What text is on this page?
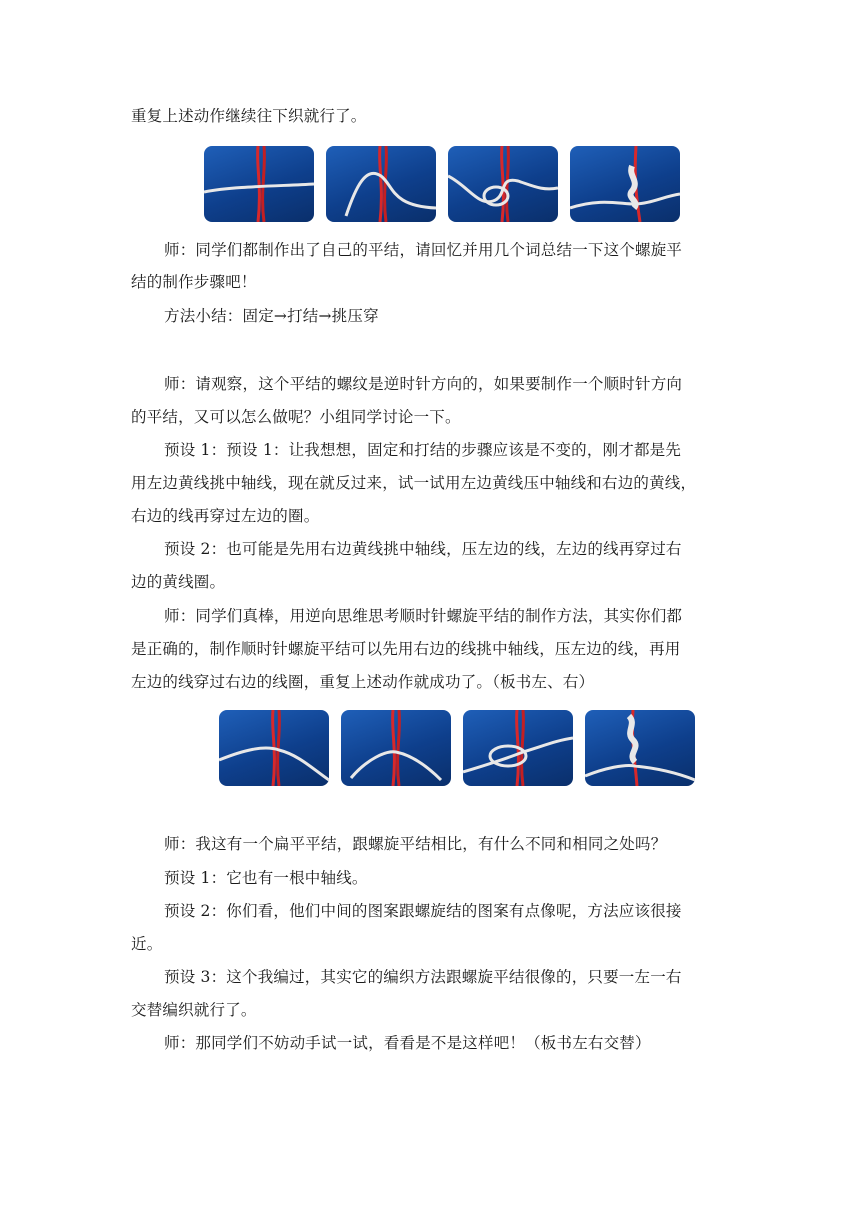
重复上述动作继续往下织就行了。
师：同学们都制作出了自己的平结，请回忆并用几个词总结一下这个螺旋平
结的制作步骤吧！
方法小结：固定→打结→挑压穿
师：请观察，这个平结的螺纹是逆时针方向的，如果要制作一个顺时针方向
的平结，又可以怎么做呢？小组同学讨论一下。
预设 1：预设 1：让我想想，固定和打结的步骤应该是不变的，刚才都是先
用左边黄线挑中轴线，现在就反过来，试一试用左边黄线压中轴线和右边的黄线，
右边的线再穿过左边的圈。
预设 2：也可能是先用右边黄线挑中轴线，压左边的线，左边的线再穿过右
边的黄线圈。
师：同学们真棒，用逆向思维思考顺时针螺旋平结的制作方法，其实你们都
是正确的，制作顺时针螺旋平结可以先用右边的线挑中轴线，压左边的线，再用
左边的线穿过右边的线圈，重复上述动作就成功了。（板书左、右）
师：我这有一个扁平平结，跟螺旋平结相比，有什么不同和相同之处吗？
预设 1：它也有一根中轴线。
预设 2：你们看，他们中间的图案跟螺旋结的图案有点像呢，方法应该很接
近。
预设 3：这个我编过，其实它的编织方法跟螺旋平结很像的，只要一左一右
交替编织就行了。
师：那同学们不妨动手试一试，看看是不是这样吧！（板书左右交替）
